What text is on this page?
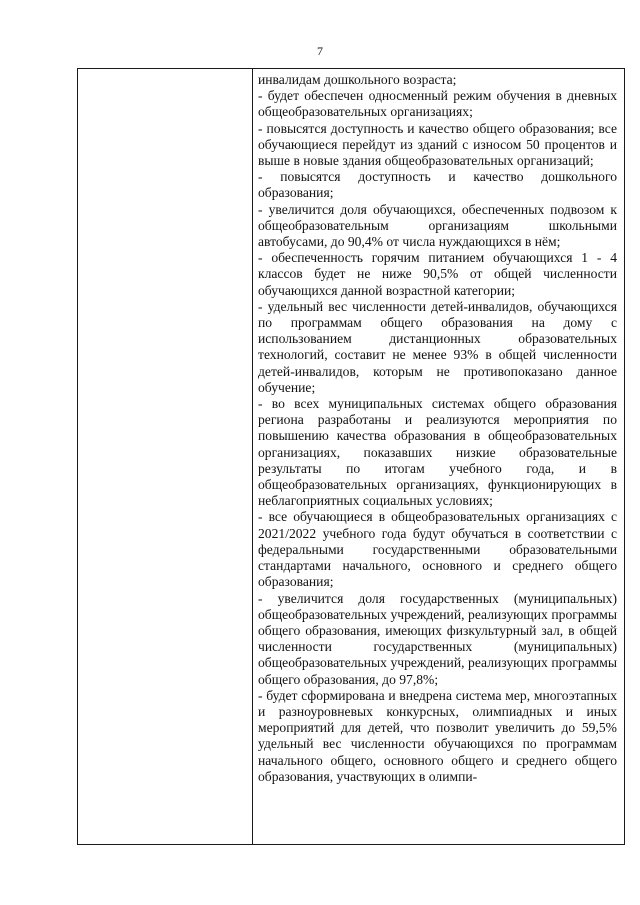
7

инвалидам дошкольного возраста;

- будет обеспечен односменный режим обучения в дневных общеобразовательных организациях;

- повысятся доступность и качество общего образования; все обучающиеся перейдут из зданий с износом 50 процентов и выше в новые здания общеобразовательных организаций;

- повысятся доступность и качество дошкольного образования;

- увеличится доля обучающихся, обеспеченных подвозом к общеобразовательным организациям школьными автобусами, до 90,4% от числа нуждающихся в нём;

- обеспеченность горячим питанием обучающихся 1 - 4 классов будет не ниже 90,5% от общей численности обучающихся данной возрастной категории;

- удельный вес численности детей-инвалидов, обучающихся по программам общего образования на дому с использованием дистанционных образовательных технологий, составит не менее 93% в общей численности детей-инвалидов, которым не противопоказано данное обучение;

- во всех муниципальных системах общего образования региона разработаны и реализуются мероприятия по повышению качества образования в общеобразовательных организациях, показавших низкие образовательные результаты по итогам учебного года, и в общеобразовательных организациях, функционирующих в неблагоприятных социальных условиях;

- все обучающиеся в общеобразовательных организациях с 2021/2022 учебного года будут обучаться в соответствии с федеральными государственными образовательными стандартами начального, основного и среднего общего образования;

- увеличится доля государственных (муниципальных) общеобразовательных учреждений, реализующих программы общего образования, имеющих физкультурный зал, в общей численности государственных (муниципальных) общеобразовательных учреждений, реализующих программы общего образования, до 97,8%;

- будет сформирована и внедрена система мер, многоэтапных и разноуровневых конкурсных, олимпиадных и иных мероприятий для детей, что позволит увеличить до 59,5% удельный вес численности обучающихся по программам начального общего, основного общего и среднего общего образования, участвующих в олимпи-
